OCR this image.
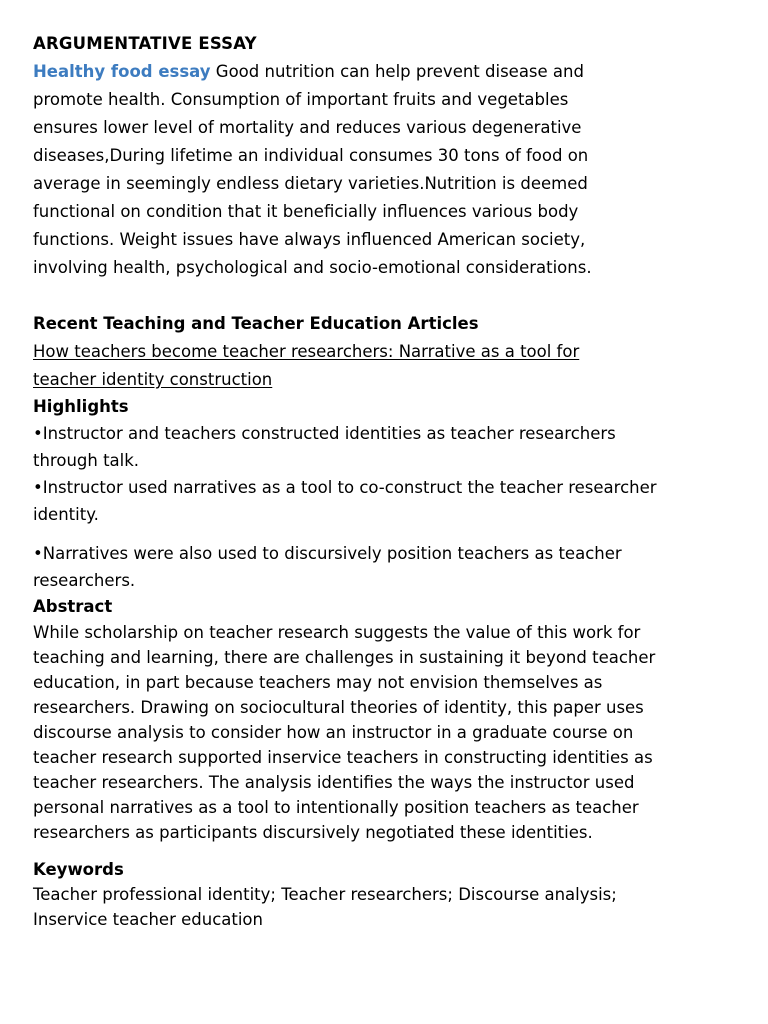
ARGUMENTATIVE ESSAY

Healthy food essay Good nutrition can help prevent disease and promote health. Consumption of important fruits and vegetables ensures lower level of mortality and reduces various degenerative diseases,During lifetime an individual consumes 30 tons of food on average in seemingly endless dietary varieties.Nutrition is deemed functional on condition that it beneficially influences various body functions. Weight issues have always influenced American society, involving health, psychological and socio-emotional considerations.

Recent Teaching and Teacher Education Articles

How teachers become teacher researchers: Narrative as a tool for teacher identity construction

Highlights
•Instructor and teachers constructed identities as teacher researchers through talk.
•Instructor used narratives as a tool to co-construct the teacher researcher identity.
•Narratives were also used to discursively position teachers as teacher researchers.
Abstract

While scholarship on teacher research suggests the value of this work for teaching and learning, there are challenges in sustaining it beyond teacher education, in part because teachers may not envision themselves as researchers. Drawing on sociocultural theories of identity, this paper uses discourse analysis to consider how an instructor in a graduate course on teacher research supported inservice teachers in constructing identities as teacher researchers. The analysis identifies the ways the instructor used personal narratives as a tool to intentionally position teachers as teacher researchers as participants discursively negotiated these identities.

Keywords

Teacher professional identity; Teacher researchers; Discourse analysis; Inservice teacher education
